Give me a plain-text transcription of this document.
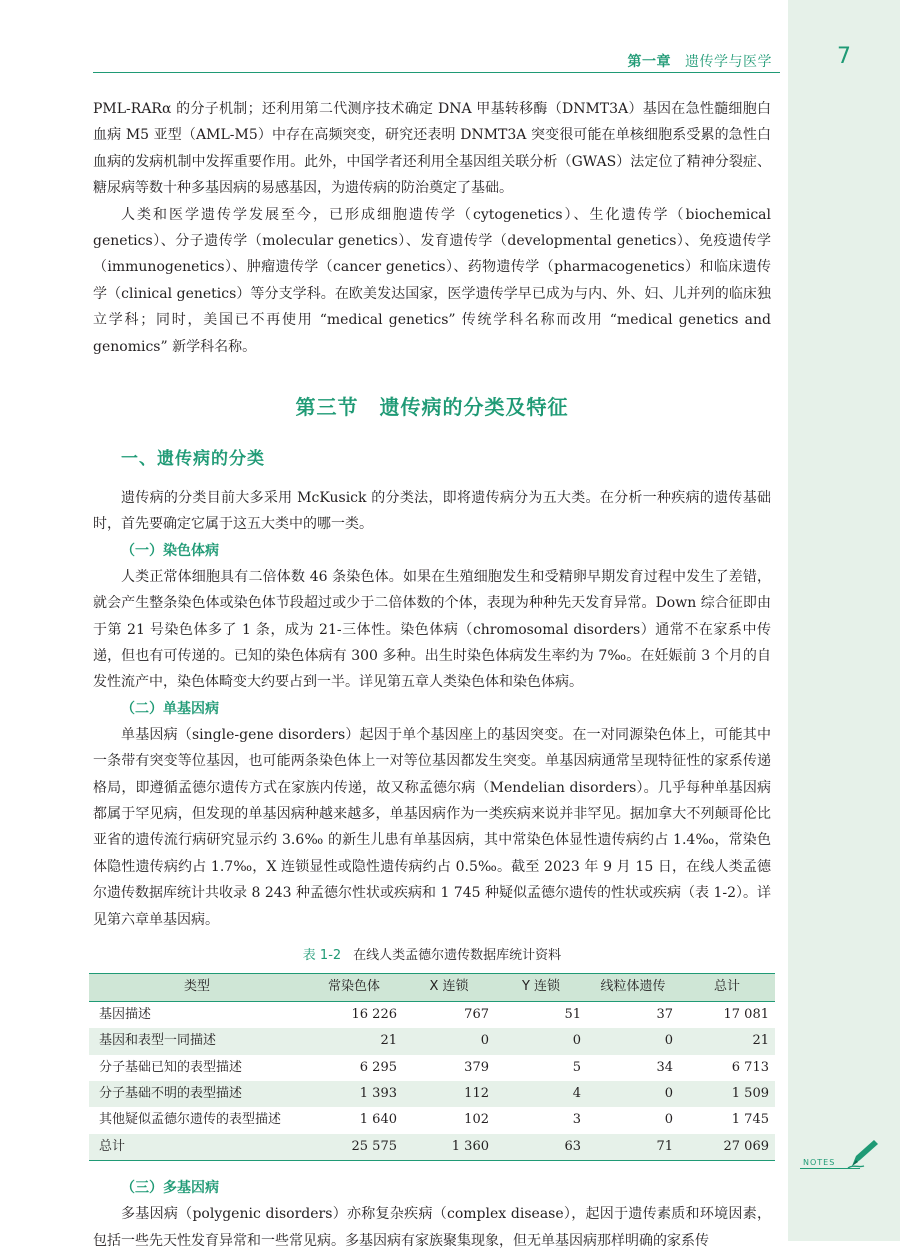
7
第一章 遗传学与医学

PML-RARα 的分子机制；还利用第二代测序技术确定 DNA 甲基转移酶（DNMT3A）基因在急性髓细胞白血病 M5 亚型（AML-M5）中存在高频突变，研究还表明 DNMT3A 突变很可能在单核细胞系受累的急性白血病的发病机制中发挥重要作用。此外，中国学者还利用全基因组关联分析（GWAS）法定位了精神分裂症、糖尿病等数十种多基因病的易感基因，为遗传病的防治奠定了基础。

人类和医学遗传学发展至今，已形成细胞遗传学（cytogenetics）、生化遗传学（biochemical genetics）、分子遗传学（molecular genetics）、发育遗传学（developmental genetics）、免疫遗传学（immunogenetics）、肿瘤遗传学（cancer genetics）、药物遗传学（pharmacogenetics）和临床遗传学（clinical genetics）等分支学科。在欧美发达国家，医学遗传学早已成为与内、外、妇、儿并列的临床独立学科；同时，美国已不再使用 “medical genetics” 传统学科名称而改用 “medical genetics and genomics” 新学科名称。

第三节　遗传病的分类及特征
一、遗传病的分类

遗传病的分类目前大多采用 McKusick 的分类法，即将遗传病分为五大类。在分析一种疾病的遗传基础时，首先要确定它属于这五大类中的哪一类。

（一）染色体病

人类正常体细胞具有二倍体数 46 条染色体。如果在生殖细胞发生和受精卵早期发育过程中发生了差错，就会产生整条染色体或染色体节段超过或少于二倍体数的个体，表现为种种先天发育异常。Down 综合征即由于第 21 号染色体多了 1 条，成为 21-三体性。染色体病（chromosomal disorders）通常不在家系中传递，但也有可传递的。已知的染色体病有 300 多种。出生时染色体病发生率约为 7‰。在妊娠前 3 个月的自发性流产中，染色体畸变大约要占到一半。详见第五章人类染色体和染色体病。

（二）单基因病

单基因病（single-gene disorders）起因于单个基因座上的基因突变。在一对同源染色体上，可能其中一条带有突变等位基因，也可能两条染色体上一对等位基因都发生突变。单基因病通常呈现特征性的家系传递格局，即遵循孟德尔遗传方式在家族内传递，故又称孟德尔病（Mendelian disorders）。几乎每种单基因病都属于罕见病，但发现的单基因病种越来越多，单基因病作为一类疾病来说并非罕见。据加拿大不列颠哥伦比亚省的遗传流行病研究显示约 3.6‰ 的新生儿患有单基因病，其中常染色体显性遗传病约占 1.4‰，常染色体隐性遗传病约占 1.7‰，X 连锁显性或隐性遗传病约占 0.5‰。截至 2023 年 9 月 15 日，在线人类孟德尔遗传数据库统计共收录 8 243 种孟德尔性状或疾病和 1 745 种疑似孟德尔遗传的性状或疾病（表 1-2）。详见第六章单基因病。

表 1-2 在线人类孟德尔遗传数据库统计资料
类型	常染色体	X 连锁	Y 连锁	线粒体遗传	总计
基因描述	16 226	767	51	37	17 081
基因和表型一同描述	21	0	0	0	21
分子基础已知的表型描述	6 295	379	5	34	6 713
分子基础不明的表型描述	1 393	112	4	0	1 509
其他疑似孟德尔遗传的表型描述	1 640	102	3	0	1 745
总计	25 575	1 360	63	71	27 069
（三）多基因病

多基因病（polygenic disorders）亦称复杂疾病（complex disease），起因于遗传素质和环境因素，包括一些先天性发育异常和一些常见病。多基因病有家族聚集现象，但无单基因病那样明确的家系传

NOTES
